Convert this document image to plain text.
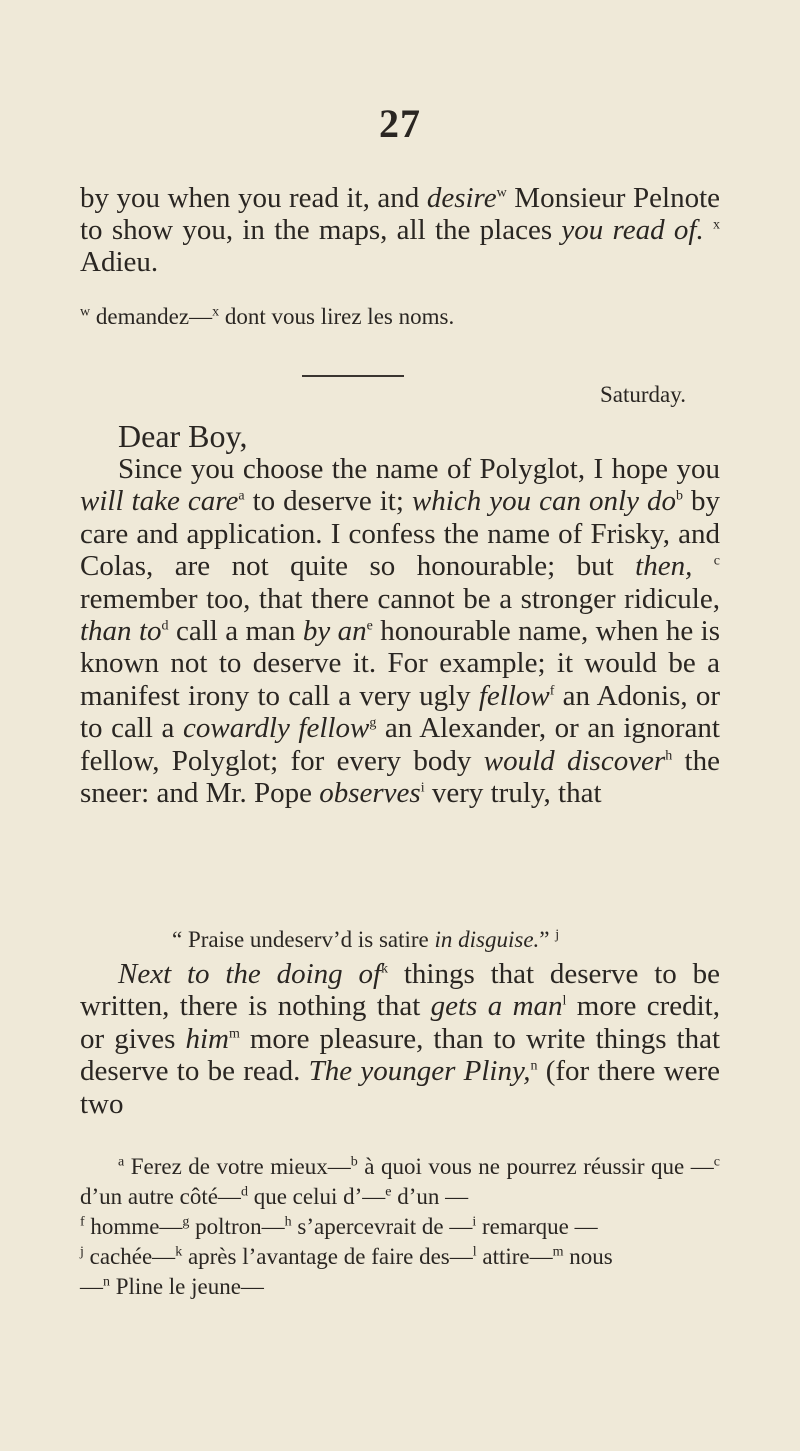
27

by you when you read it, and desire$^w$ Monsieur Pelnote to show you, in the maps, all the places you read of. $^x$ Adieu.

$^w$ demandez—$^x$ dont vous lirez les noms.
Saturday.
Dear Boy,

Since you choose the name of Polyglot, I hope you will take care$^a$ to deserve it; which you can only $do^b$ by care and application. I confess the name of Frisky, and Colas, are not quite so honourable; but then, $^c$ remember too, that there cannot be a stronger ridicule, than $to^d$ call a man by $an^e$ honourable name, when he is known not to deserve it. For example; it would be a manifest irony to call a very ugly fellow$^f$ an Adonis, or to call a cowardly fellow$^g$ an Alexander, or an ignorant fellow, Polyglot; for every body would discover$^h$ the sneer: and Mr. Pope observes$^i$ very truly, that

“ Praise undeserv’d is satire in disguise.” $^j$

Next to the doing $of^k$ things that deserve to be written, there is nothing that gets a man$^l$ more credit, or gives him$^m$ more pleasure, than to write things that deserve to be read. The younger Pliny,$^n$ (for there were two

$^a$ Ferez de votre mieux—$^b$ à quoi vous ne pourrez réussir que —$^c$ d’un autre côté—$^d$ que celui d’—$^e$ d’un —

$^f$ homme—$^g$ poltron—$^h$ s’apercevrait de —$^i$ remarque —

$^j$ cachée—$^k$ après l’avantage de faire des—$^l$ attire—$^m$ nous

—$^n$ Pline le jeune—
